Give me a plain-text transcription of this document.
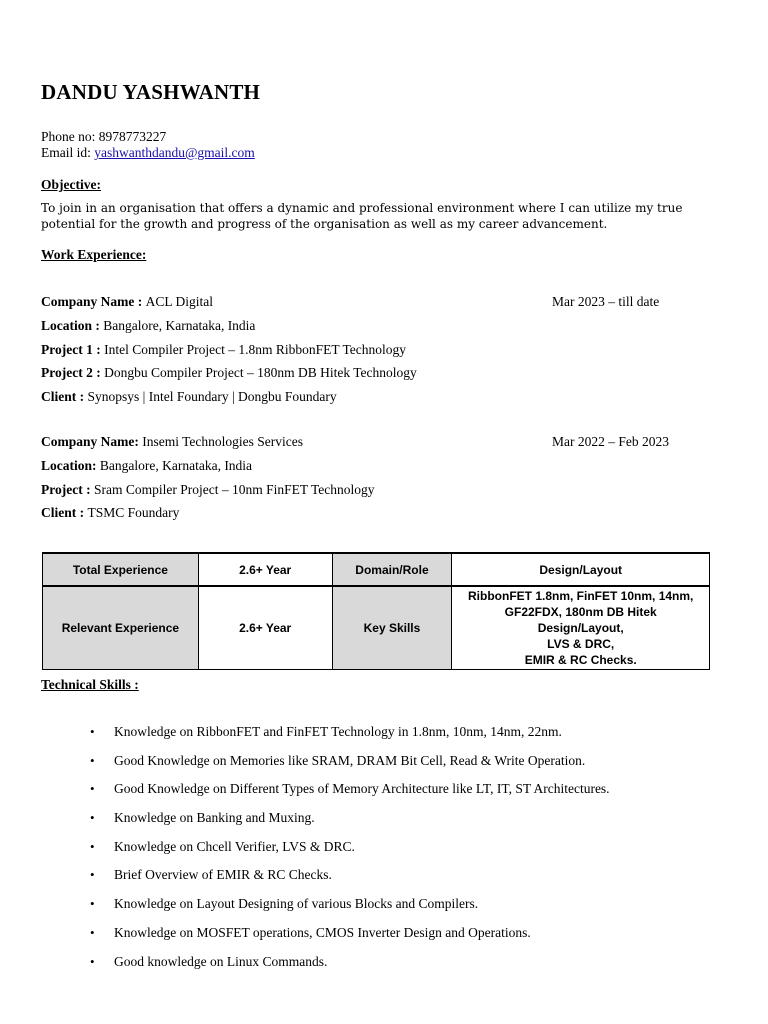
DANDU YASHWANTH
Phone no: 8978773227
Email id: yashwanthdandu@gmail.com
Objective:
To join in an organisation that offers a dynamic and professional environment where I can utilize my true potential for the growth and progress of the organisation as well as my career advancement.
Work Experience:
Company Name : ACL Digital	Mar 2023 – till date
Location : Bangalore, Karnataka, India
Project 1 : Intel Compiler Project – 1.8nm RibbonFET Technology
Project 2 : Dongbu Compiler Project – 180nm DB Hitek Technology
Client : Synopsys | Intel Foundary | Dongbu Foundary
Company Name: Insemi Technologies Services	Mar 2022 – Feb 2023
Location: Bangalore, Karnataka, India
Project : Sram Compiler Project – 10nm FinFET Technology
Client : TSMC Foundary
Total Experience	2.6+ Year	Domain/Role	Design/Layout
Relevant Experience	2.6+ Year	Key Skills	RibbonFET 1.8nm, FinFET 10nm, 14nm,
GF22FDX, 180nm DB Hitek
Design/Layout,
LVS & DRC,
EMIR & RC Checks.
Technical Skills :
• Knowledge on RibbonFET and FinFET Technology in 1.8nm, 10nm, 14nm, 22nm.
• Good Knowledge on Memories like SRAM, DRAM Bit Cell, Read & Write Operation.
• Good Knowledge on Different Types of Memory Architecture like LT, IT, ST Architectures.
• Knowledge on Banking and Muxing.
• Knowledge on Chcell Verifier, LVS & DRC.
• Brief Overview of EMIR & RC Checks.
• Knowledge on Layout Designing of various Blocks and Compilers.
• Knowledge on MOSFET operations, CMOS Inverter Design and Operations.
• Good knowledge on Linux Commands.
